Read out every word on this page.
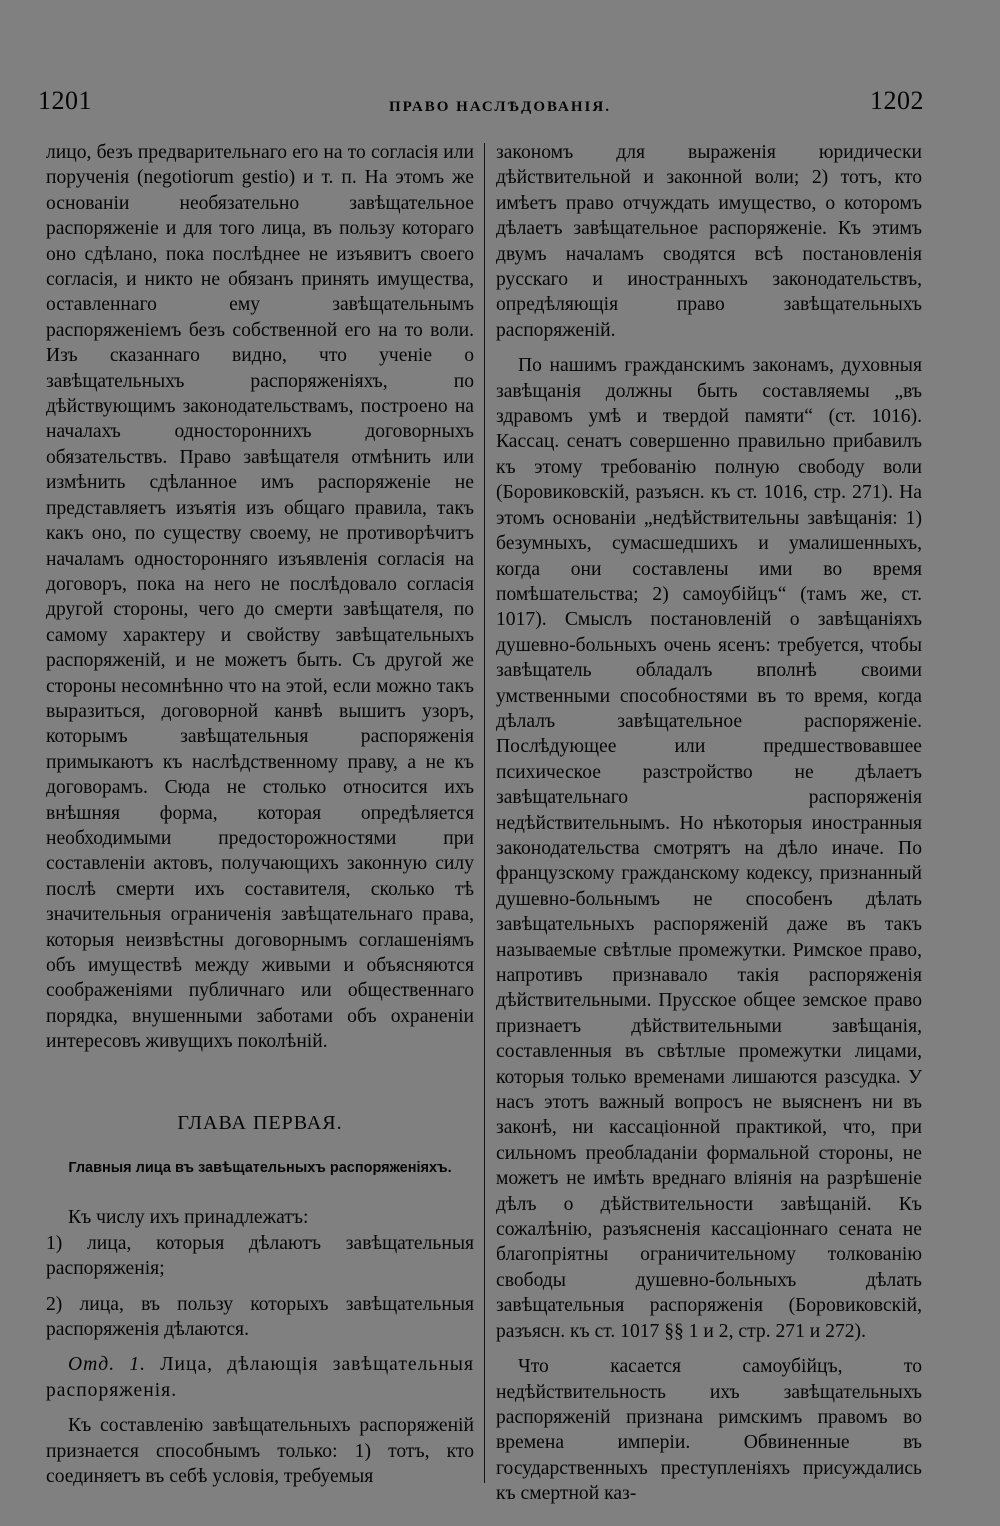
1201	ПРАВО НАСЛѢДОВАНІЯ.	1202

лицо, безъ предварительнаго его на то согласія или порученія (negotiorum gestio) и т. п. На этомъ же основаніи необязательно завѣщательное распоряженіе и для того лица, въ пользу котораго оно сдѣлано, пока послѣднее не изъявитъ своего согласія, и никто не обязанъ принять имущества, оставленнаго ему завѣщательнымъ распоряженіемъ безъ собственной его на то воли. Изъ сказаннаго видно, что ученіе о завѣщательныхъ распоряженіяхъ, по дѣйствующимъ законодательствамъ, построено на началахъ одностороннихъ договорныхъ обязательствъ. Право завѣщателя отмѣнить или измѣнить сдѣланное имъ распоряженіе не представляетъ изъятія изъ общаго правила, такъ какъ оно, по существу своему, не противорѣчитъ началамъ односторонняго изъявленія согласія на договоръ, пока на него не послѣдовало согласія другой стороны, чего до смерти завѣщателя, по самому характеру и свойству завѣщательныхъ распоряженій, и не можетъ быть. Съ другой же стороны несомнѣнно что на этой, если можно такъ выразиться, договорной канвѣ вышитъ узоръ, которымъ завѣщательныя распоряженія примыкаютъ къ наслѣдственному праву, а не къ договорамъ. Сюда не столько относится ихъ внѣшняя форма, которая опредѣляется необходимыми предосторожностями при составленіи актовъ, получающихъ законную силу послѣ смерти ихъ составителя, сколько тѣ значительныя ограниченія завѣщательнаго права, которыя неизвѣстны договорнымъ соглашеніямъ объ имуществѣ между живыми и объясняются соображеніями публичнаго или общественнаго порядка, внушенными заботами объ охраненіи интересовъ живущихъ поколѣній.

ГЛАВА ПЕРВАЯ.

Главныя лица въ завѣщательныхъ распоряженіяхъ.

Къ числу ихъ принадлежатъ:

1) лица, которыя дѣлаютъ завѣщательныя распоряженія;

2) лица, въ пользу которыхъ завѣщательныя распоряженія дѣлаются.

Отд. 1. Лица, дѣлающія завѣщательныя распоряженія.

Къ составленію завѣщательныхъ распоряженій признается способнымъ только: 1) тотъ, кто соединяетъ въ себѣ условія, требуемыя

закономъ для выраженія юридически дѣйствительной и законной воли; 2) тотъ, кто имѣетъ право отчуждать имущество, о которомъ дѣлаетъ завѣщательное распоряженіе. Къ этимъ двумъ началамъ сводятся всѣ постановленія русскаго и иностранныхъ законодательствъ, опредѣляющія право завѣщательныхъ распоряженій.

По нашимъ гражданскимъ законамъ, духовныя завѣщанія должны быть составляемы „въ здравомъ умѣ и твердой памяти“ (ст. 1016). Кассац. сенатъ совершенно правильно прибавилъ къ этому требованію полную свободу воли (Боровиковскій, разъясн. къ ст. 1016, стр. 271). На этомъ основаніи „недѣйствительны завѣщанія: 1) безумныхъ, сумасшедшихъ и умалишенныхъ, когда они составлены ими во время помѣшательства; 2) самоубійцъ“ (тамъ же, ст. 1017). Смыслъ постановленій о завѣщаніяхъ душевно-больныхъ очень ясенъ: требуется, чтобы завѣщатель обладалъ вполнѣ своими умственными способностями въ то время, когда дѣлалъ завѣщательное распоряженіе. Послѣдующее или предшествовавшее психическое разстройство не дѣлаетъ завѣщательнаго распоряженія недѣйствительнымъ. Но нѣкоторыя иностранныя законодательства смотрятъ на дѣло иначе. По французскому гражданскому кодексу, признанный душевно-больнымъ не способенъ дѣлать завѣщательныхъ распоряженій даже въ такъ называемые свѣтлые промежутки. Римское право, напротивъ признавало такія распоряженія дѣйствительными. Прусское общее земское право признаетъ дѣйствительными завѣщанія, составленныя въ свѣтлые промежутки лицами, которыя только временами лишаются разсудка. У насъ этотъ важный вопросъ не выясненъ ни въ законѣ, ни кассаціонной практикой, что, при сильномъ преобладаніи формальной стороны, не можетъ не имѣть вреднаго вліянія на разрѣшеніе дѣлъ о дѣйствительности завѣщаній. Къ сожалѣнію, разъясненія кассаціоннаго сената не благопріятны ограничительному толкованію свободы душевно-больныхъ дѣлать завѣщательныя распоряженія (Боровиковскій, разъясн. къ ст. 1017 §§ 1 и 2, стр. 271 и 272).

Что касается самоубійцъ, то недѣйствительность ихъ завѣщательныхъ распоряженій признана римскимъ правомъ во времена имперіи. Обвиненные въ государственныхъ преступленіяхъ присуждались къ смертной каз-
